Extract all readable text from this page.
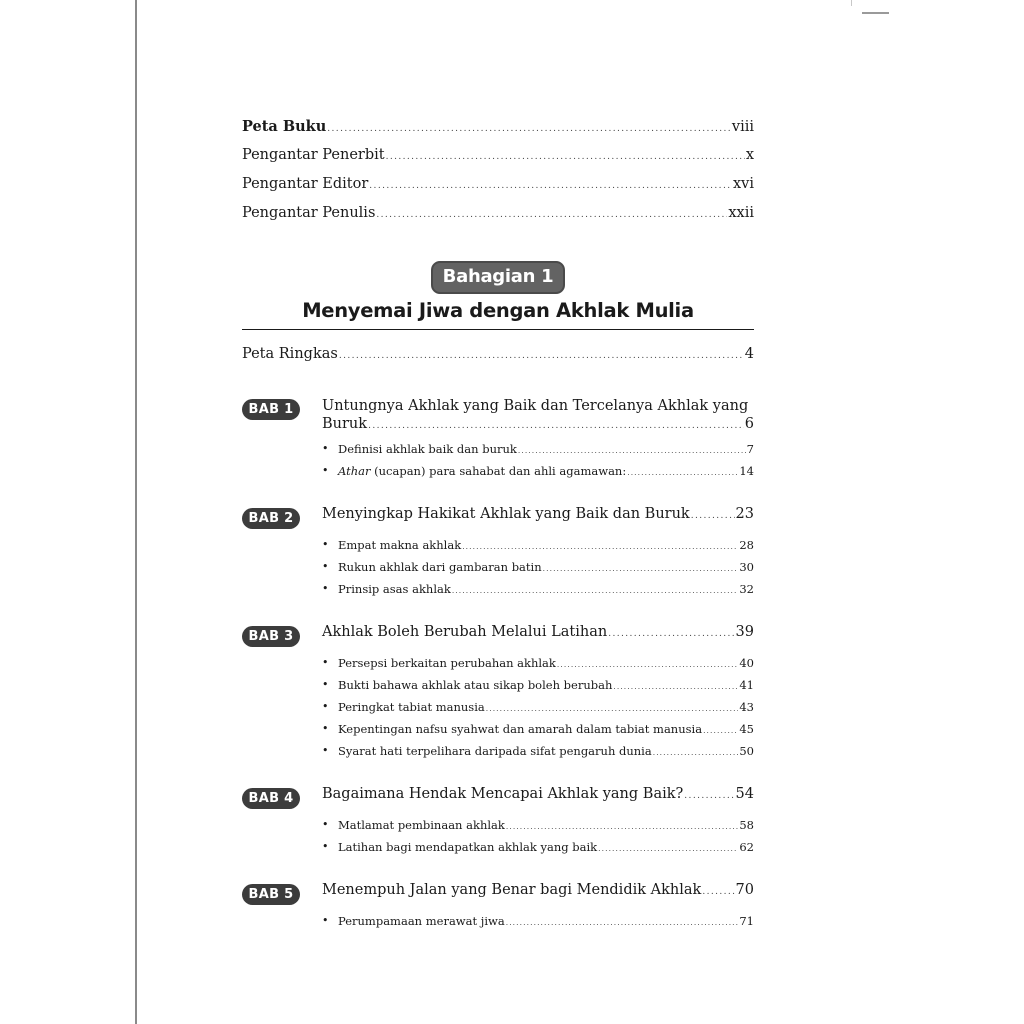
Peta Buku .....	viii
Pengantar Penerbit .....	x
Pengantar Editor .....	xvi
Pengantar Penulis .....	xxii
Bahagian 1
Menyemai Jiwa dengan Akhlak Mulia
Peta Ringkas .....	4
BAB 1	Untungnya Akhlak yang Baik dan Tercelanya Akhlak yang
Buruk .....	6
• Definisi akhlak baik dan buruk .....	7
• Athar (ucapan) para sahabat dan ahli agamawan: .....	14
BAB 2	Menyingkap Hakikat Akhlak yang Baik dan Buruk .....	23
• Empat makna akhlak .....	28
• Rukun akhlak dari gambaran batin .....	30
• Prinsip asas akhlak .....	32
BAB 3	Akhlak Boleh Berubah Melalui Latihan .....	39
• Persepsi berkaitan perubahan akhlak .....	40
• Bukti bahawa akhlak atau sikap boleh berubah .....	41
• Peringkat tabiat manusia .....	43
• Kepentingan nafsu syahwat dan amarah dalam tabiat manusia .....	45
• Syarat hati terpelihara daripada sifat pengaruh dunia .....	50
BAB 4	Bagaimana Hendak Mencapai Akhlak yang Baik? .....	54
• Matlamat pembinaan akhlak .....	58
• Latihan bagi mendapatkan akhlak yang baik .....	62
BAB 5	Menempuh Jalan yang Benar bagi Mendidik Akhlak ..... 70
• Perumpamaan merawat jiwa .....	71
